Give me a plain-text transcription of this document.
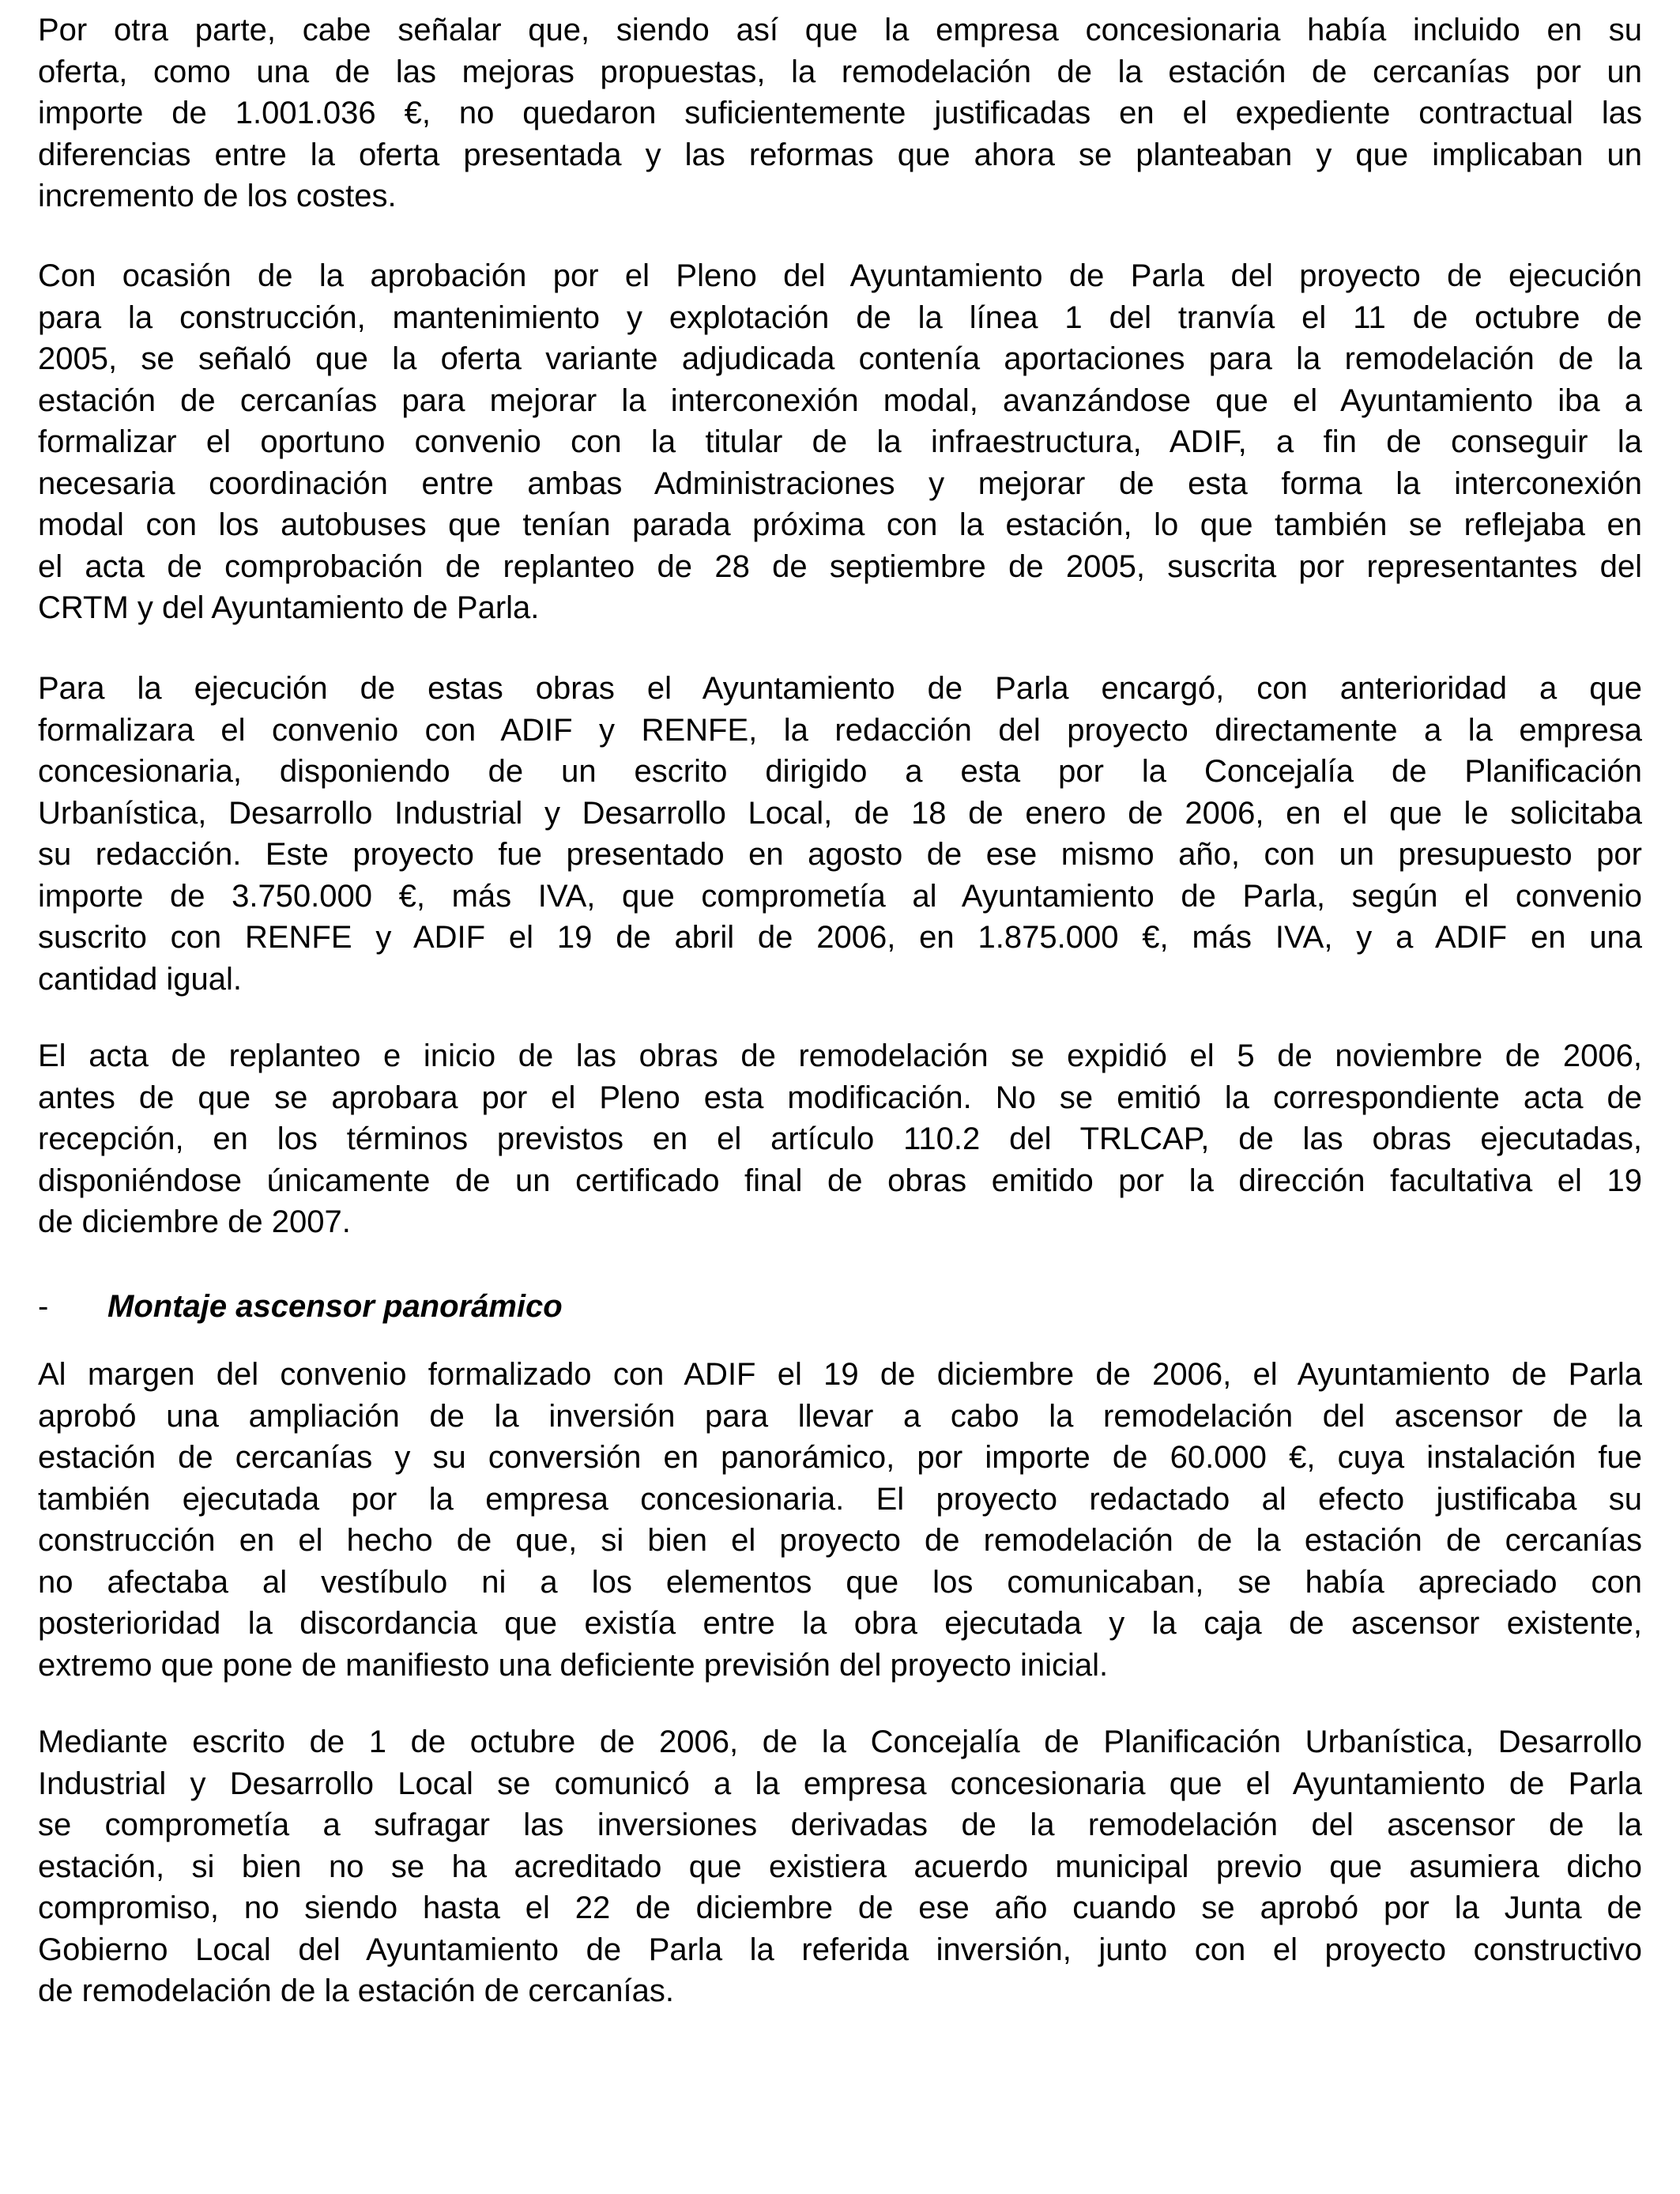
Por otra parte, cabe señalar que, siendo así que la empresa concesionaria había incluido en su
oferta, como una de las mejoras propuestas, la remodelación de la estación de cercanías por un
importe de 1.001.036 €, no quedaron suficientemente justificadas en el expediente contractual las
diferencias entre la oferta presentada y las reformas que ahora se planteaban y que implicaban un
incremento de los costes.
Con ocasión de la aprobación por el Pleno del Ayuntamiento de Parla del proyecto de ejecución
para la construcción, mantenimiento y explotación de la línea 1 del tranvía el 11 de octubre de
2005, se señaló que la oferta variante adjudicada contenía aportaciones para la remodelación de la
estación de cercanías para mejorar la interconexión modal, avanzándose que el Ayuntamiento iba a
formalizar el oportuno convenio con la titular de la infraestructura, ADIF, a fin de conseguir la
necesaria coordinación entre ambas Administraciones y mejorar de esta forma la interconexión
modal con los autobuses que tenían parada próxima con la estación, lo que también se reflejaba en
el acta de comprobación de replanteo de 28 de septiembre de 2005, suscrita por representantes del
CRTM y del Ayuntamiento de Parla.
Para la ejecución de estas obras el Ayuntamiento de Parla encargó, con anterioridad a que
formalizara el convenio con ADIF y RENFE, la redacción del proyecto directamente a la empresa
concesionaria, disponiendo de un escrito dirigido a esta por la Concejalía de Planificación
Urbanística, Desarrollo Industrial y Desarrollo Local, de 18 de enero de 2006, en el que le solicitaba
su redacción. Este proyecto fue presentado en agosto de ese mismo año, con un presupuesto por
importe de 3.750.000 €, más IVA, que comprometía al Ayuntamiento de Parla, según el convenio
suscrito con RENFE y ADIF el 19 de abril de 2006, en 1.875.000 €, más IVA, y a ADIF en una
cantidad igual.
El acta de replanteo e inicio de las obras de remodelación se expidió el 5 de noviembre de 2006,
antes de que se aprobara por el Pleno esta modificación. No se emitió la correspondiente acta de
recepción, en los términos previstos en el artículo 110.2 del TRLCAP, de las obras ejecutadas,
disponiéndose únicamente de un certificado final de obras emitido por la dirección facultativa el 19
de diciembre de 2007.
- Montaje ascensor panorámico
Al margen del convenio formalizado con ADIF el 19 de diciembre de 2006, el Ayuntamiento de Parla
aprobó una ampliación de la inversión para llevar a cabo la remodelación del ascensor de la
estación de cercanías y su conversión en panorámico, por importe de 60.000 €, cuya instalación fue
también ejecutada por la empresa concesionaria. El proyecto redactado al efecto justificaba su
construcción en el hecho de que, si bien el proyecto de remodelación de la estación de cercanías
no afectaba al vestíbulo ni a los elementos que los comunicaban, se había apreciado con
posterioridad la discordancia que existía entre la obra ejecutada y la caja de ascensor existente,
extremo que pone de manifiesto una deficiente previsión del proyecto inicial.
Mediante escrito de 1 de octubre de 2006, de la Concejalía de Planificación Urbanística, Desarrollo
Industrial y Desarrollo Local se comunicó a la empresa concesionaria que el Ayuntamiento de Parla
se comprometía a sufragar las inversiones derivadas de la remodelación del ascensor de la
estación, si bien no se ha acreditado que existiera acuerdo municipal previo que asumiera dicho
compromiso, no siendo hasta el 22 de diciembre de ese año cuando se aprobó por la Junta de
Gobierno Local del Ayuntamiento de Parla la referida inversión, junto con el proyecto constructivo
de remodelación de la estación de cercanías.
